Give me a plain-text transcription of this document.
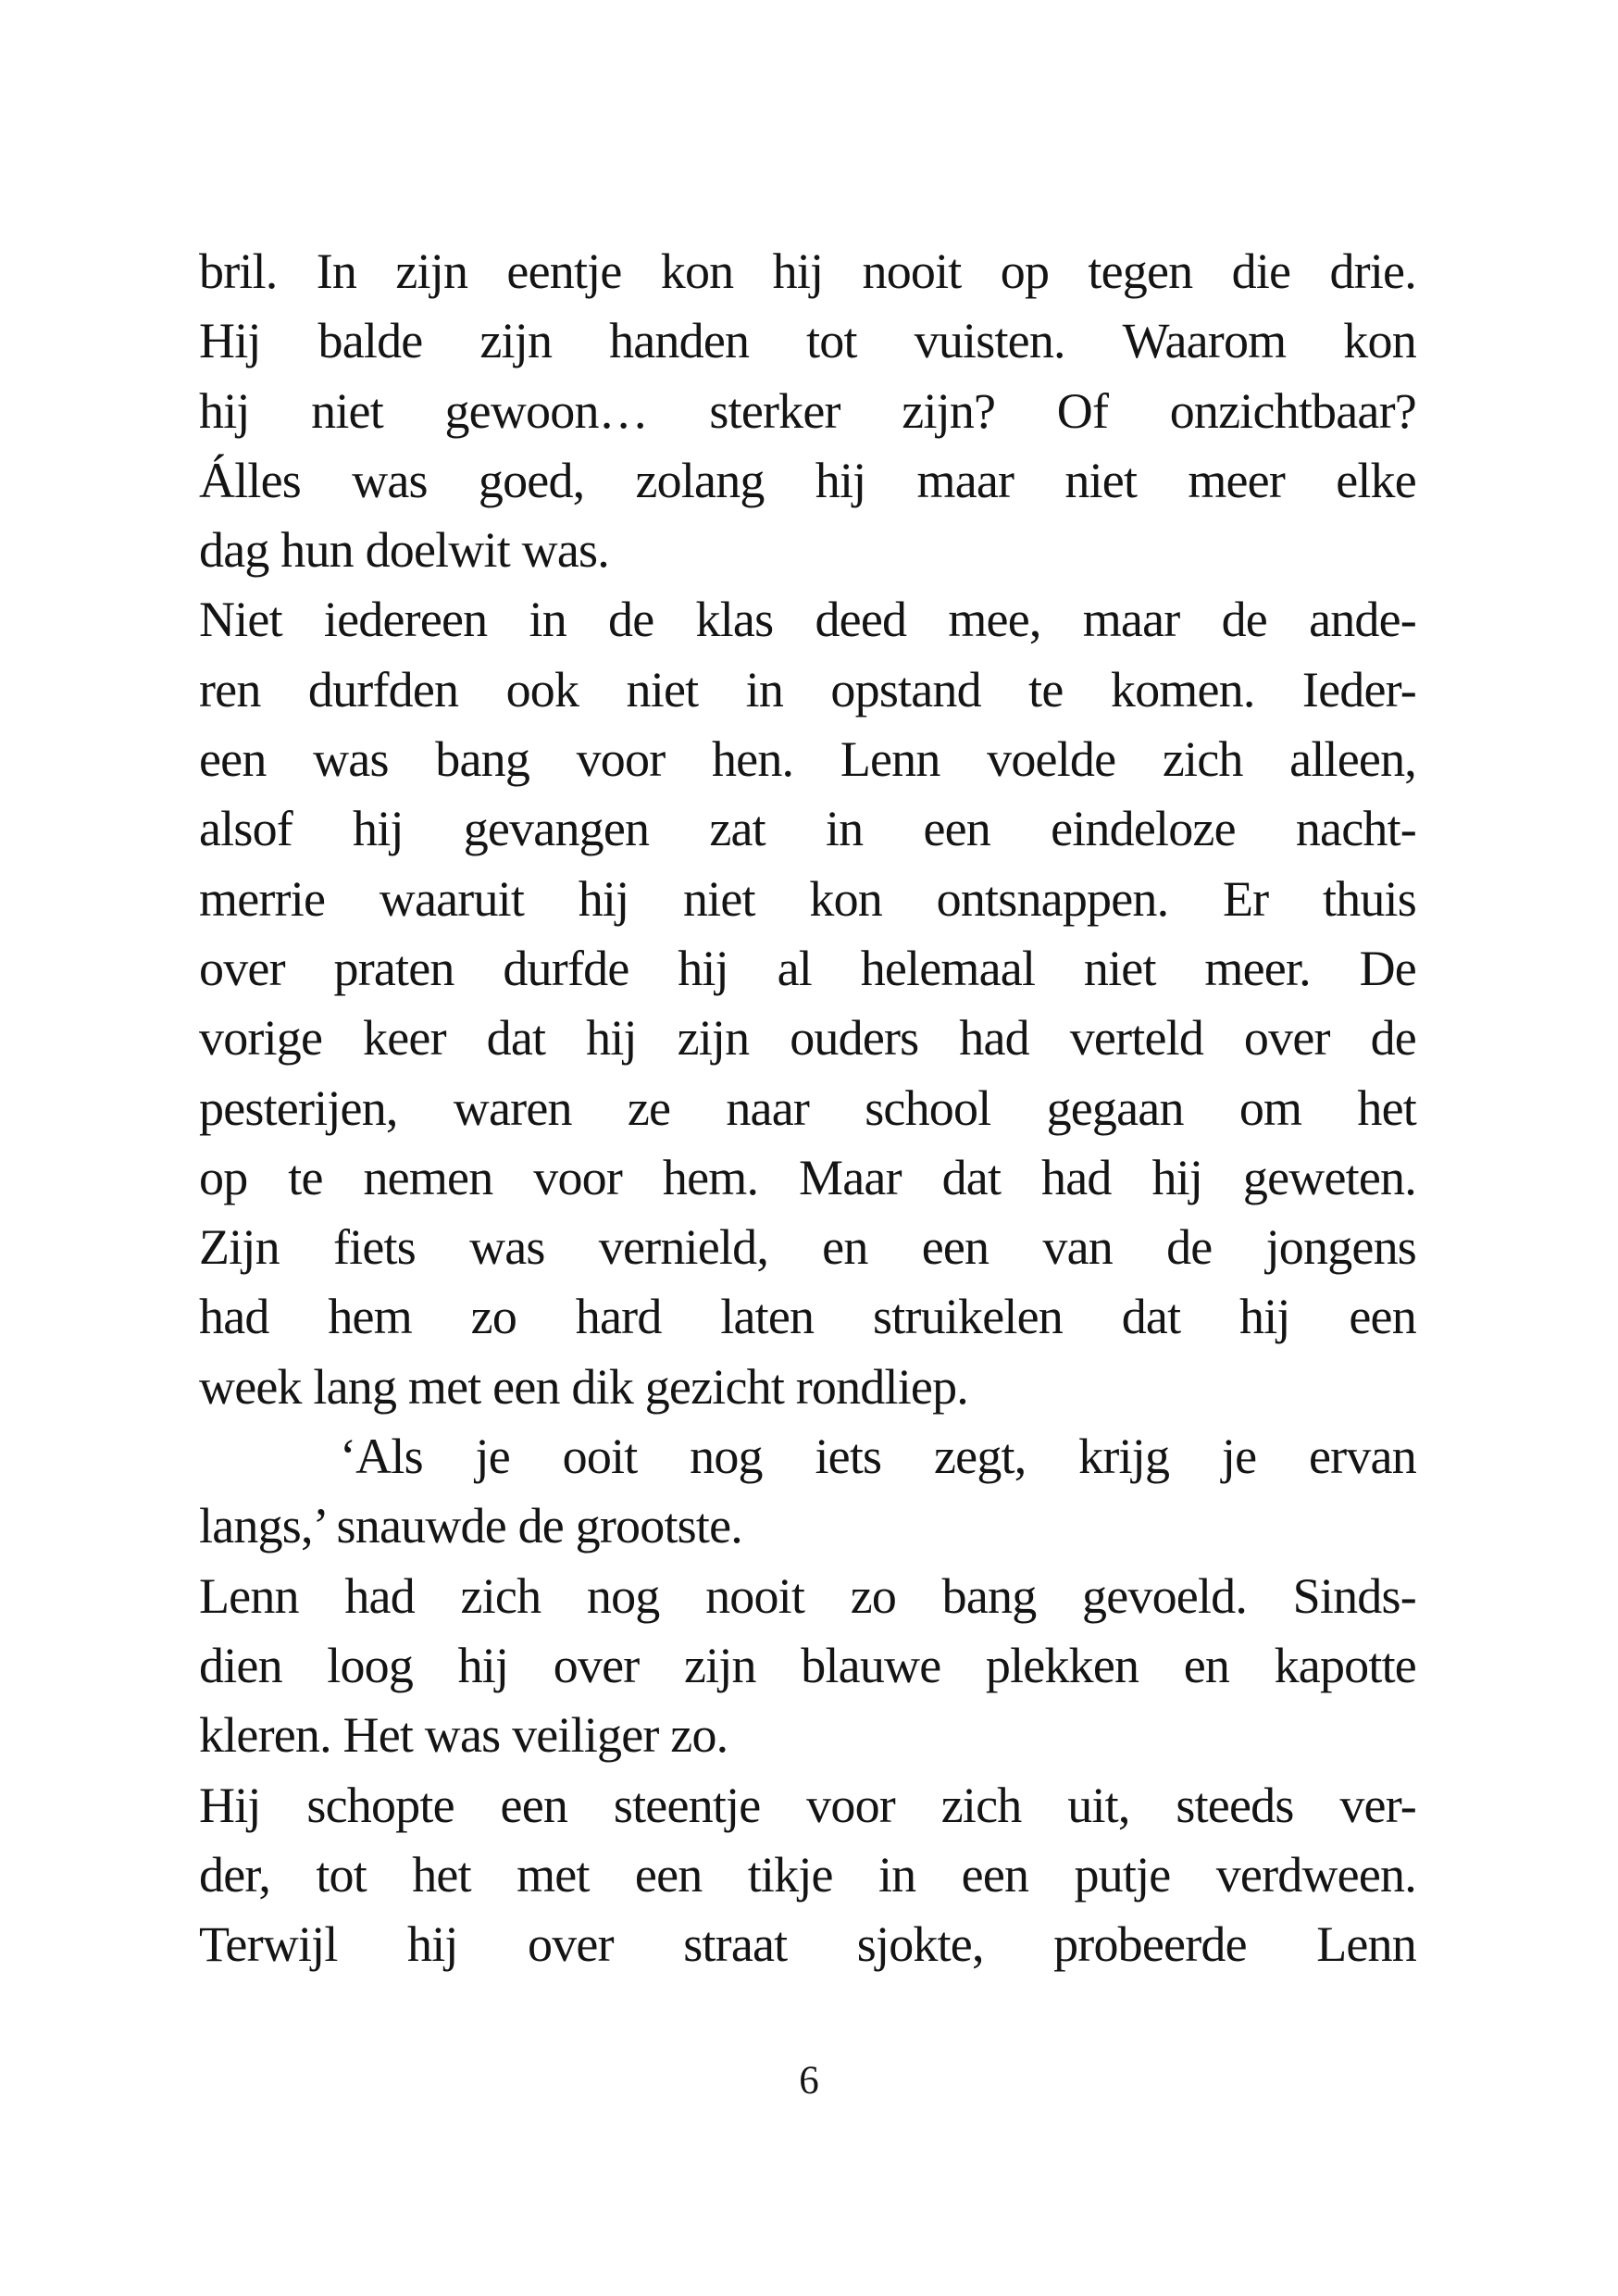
bril. In zijn eentje kon hij nooit op tegen die drie.
Hij balde zijn handen tot vuisten. Waarom kon
hij niet gewoon… sterker zijn? Of onzichtbaar?
Álles was goed, zolang hij maar niet meer elke
dag hun doelwit was.
Niet iedereen in de klas deed mee, maar de ande-
ren durfden ook niet in opstand te komen. Ieder-
een was bang voor hen. Lenn voelde zich alleen,
alsof hij gevangen zat in een eindeloze nacht-
merrie waaruit hij niet kon ontsnappen. Er thuis
over praten durfde hij al helemaal niet meer. De
vorige keer dat hij zijn ouders had verteld over de
pesterijen, waren ze naar school gegaan om het
op te nemen voor hem. Maar dat had hij geweten.
Zijn fiets was vernield, en een van de jongens
had hem zo hard laten struikelen dat hij een
week lang met een dik gezicht rondliep.
‘Als je ooit nog iets zegt, krijg je ervan
langs,’ snauwde de grootste.
Lenn had zich nog nooit zo bang gevoeld. Sinds-
dien loog hij over zijn blauwe plekken en kapotte
kleren. Het was veiliger zo.
Hij schopte een steentje voor zich uit, steeds ver-
der, tot het met een tikje in een putje verdween.
Terwijl hij over straat sjokte, probeerde Lenn
6
